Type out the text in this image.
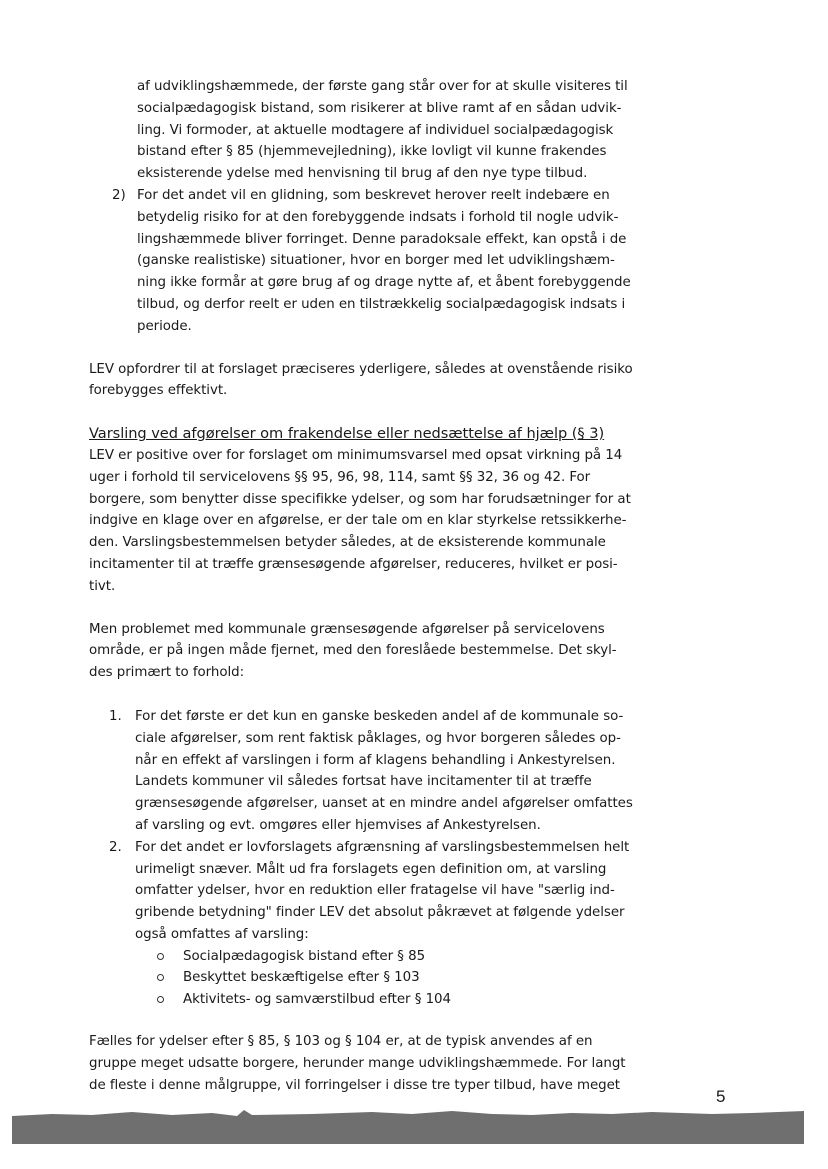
af udviklingshæmmede, der første gang står over for at skulle visiteres til
socialpædagogisk bistand, som risikerer at blive ramt af en sådan udvik-
ling. Vi formoder, at aktuelle modtagere af individuel socialpædagogisk
bistand efter § 85 (hjemmevejledning), ikke lovligt vil kunne frakendes
eksisterende ydelse med henvisning til brug af den nye type tilbud.
2) For det andet vil en glidning, som beskrevet herover reelt indebære en
betydelig risiko for at den forebyggende indsats i forhold til nogle udvik-
lingshæmmede bliver forringet. Denne paradoksale effekt, kan opstå i de
(ganske realistiske) situationer, hvor en borger med let udviklingshæm-
ning ikke formår at gøre brug af og drage nytte af, et åbent forebyggende
tilbud, og derfor reelt er uden en tilstrækkelig socialpædagogisk indsats i
periode.
LEV opfordrer til at forslaget præciseres yderligere, således at ovenstående risiko
forebygges effektivt.
Varsling ved afgørelser om frakendelse eller nedsættelse af hjælp (§ 3)
LEV er positive over for forslaget om minimumsvarsel med opsat virkning på 14
uger i forhold til servicelovens §§ 95, 96, 98, 114, samt §§ 32, 36 og 42. For
borgere, som benytter disse specifikke ydelser, og som har forudsætninger for at
indgive en klage over en afgørelse, er der tale om en klar styrkelse retssikkerhe-
den. Varslingsbestemmelsen betyder således, at de eksisterende kommunale
incitamenter til at træffe grænsesøgende afgørelser, reduceres, hvilket er posi-
tivt.
Men problemet med kommunale grænsesøgende afgørelser på servicelovens
område, er på ingen måde fjernet, med den foreslåede bestemmelse. Det skyl-
des primært to forhold:
1. For det første er det kun en ganske beskeden andel af de kommunale so-
ciale afgørelser, som rent faktisk påklages, og hvor borgeren således op-
når en effekt af varslingen i form af klagens behandling i Ankestyrelsen.
Landets kommuner vil således fortsat have incitamenter til at træffe
grænsesøgende afgørelser, uanset at en mindre andel afgørelser omfattes
af varsling og evt. omgøres eller hjemvises af Ankestyrelsen.
2. For det andet er lovforslagets afgrænsning af varslingsbestemmelsen helt
urimeligt snæver. Målt ud fra forslagets egen definition om, at varsling
omfatter ydelser, hvor en reduktion eller fratagelse vil have "særlig ind-
gribende betydning" finder LEV det absolut påkrævet at følgende ydelser
også omfattes af varsling:
Socialpædagogisk bistand efter § 85
Beskyttet beskæftigelse efter § 103
Aktivitets- og samværstilbud efter § 104
Fælles for ydelser efter § 85, § 103 og § 104 er, at de typisk anvendes af en
gruppe meget udsatte borgere, herunder mange udviklingshæmmede. For langt
de fleste i denne målgruppe, vil forringelser i disse tre typer tilbud, have meget
5
